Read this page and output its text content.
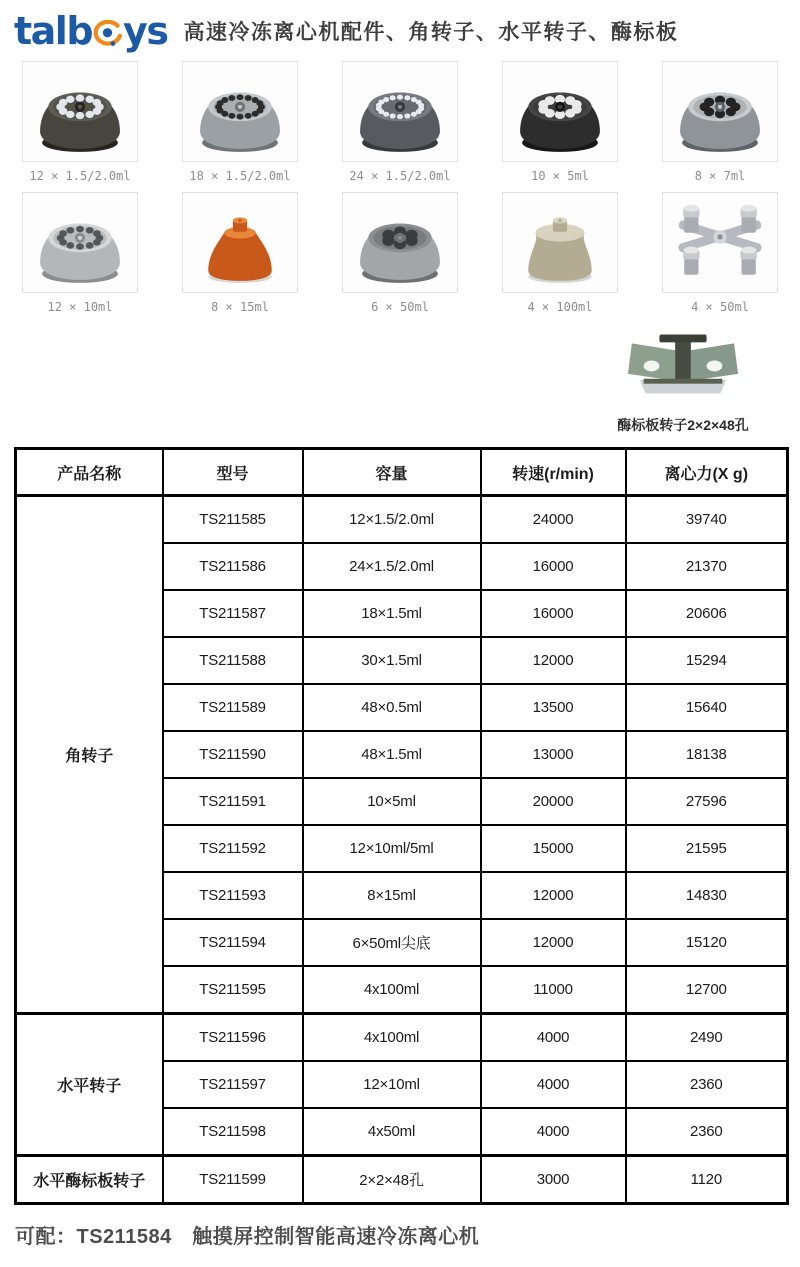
talb ys 高速冷冻离心机配件、角转子、水平转子、酶标板
12 × 1.5/2.0ml	18 × 1.5/2.0ml	24 × 1.5/2.0ml	10 × 5ml	8 × 7ml
12 × 10ml	8 × 15ml	6 × 50ml	4 × 100ml	4 × 50ml
酶标板转子2×2×48孔
产品名称	型号	容量	转速(r/min)	离心力(X g)
角转子	TS211585	12×1.5/2.0ml	24000	39740
	TS211586	24×1.5/2.0ml	16000	21370
	TS211587	18×1.5ml	16000	20606
	TS211588	30×1.5ml	12000	15294
	TS211589	48×0.5ml	13500	15640
	TS211590	48×1.5ml	13000	18138
	TS211591	10×5ml	20000	27596
	TS211592	12×10ml/5ml	15000	21595
	TS211593	8×15ml	12000	14830
	TS211594	6×50ml尖底	12000	15120
	TS211595	4x100ml	11000	12700
水平转子	TS211596	4x100ml	4000	2490
	TS211597	12×10ml	4000	2360
	TS211598	4x50ml	4000	2360
水平酶标板转子	TS211599	2×2×48孔	3000	1120
可配：TS211584　触摸屏控制智能高速冷冻离心机
